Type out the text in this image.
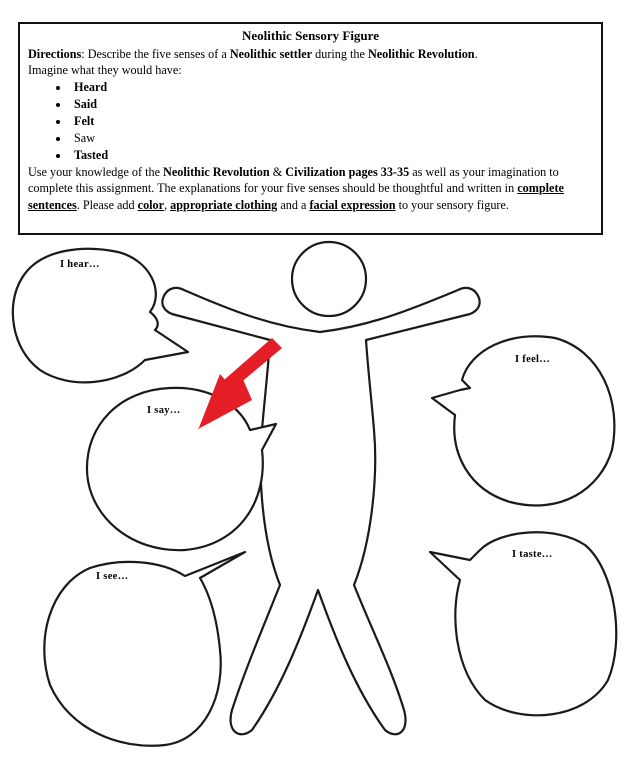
Neolithic Sensory Figure
Directions: Describe the five senses of a Neolithic settler during the Neolithic Revolution.
Imagine what they would have:
• Heard
• Said
• Felt
• Saw
• Tasted
Use your knowledge of the Neolithic Revolution & Civilization pages 33-35 as well as your imagination to complete this assignment. The explanations for your five senses should be thoughtful and written in complete sentences. Please add color, appropriate clothing and a facial expression to your sensory figure.
I hear…
I say…
I feel…
I see…
I taste…
